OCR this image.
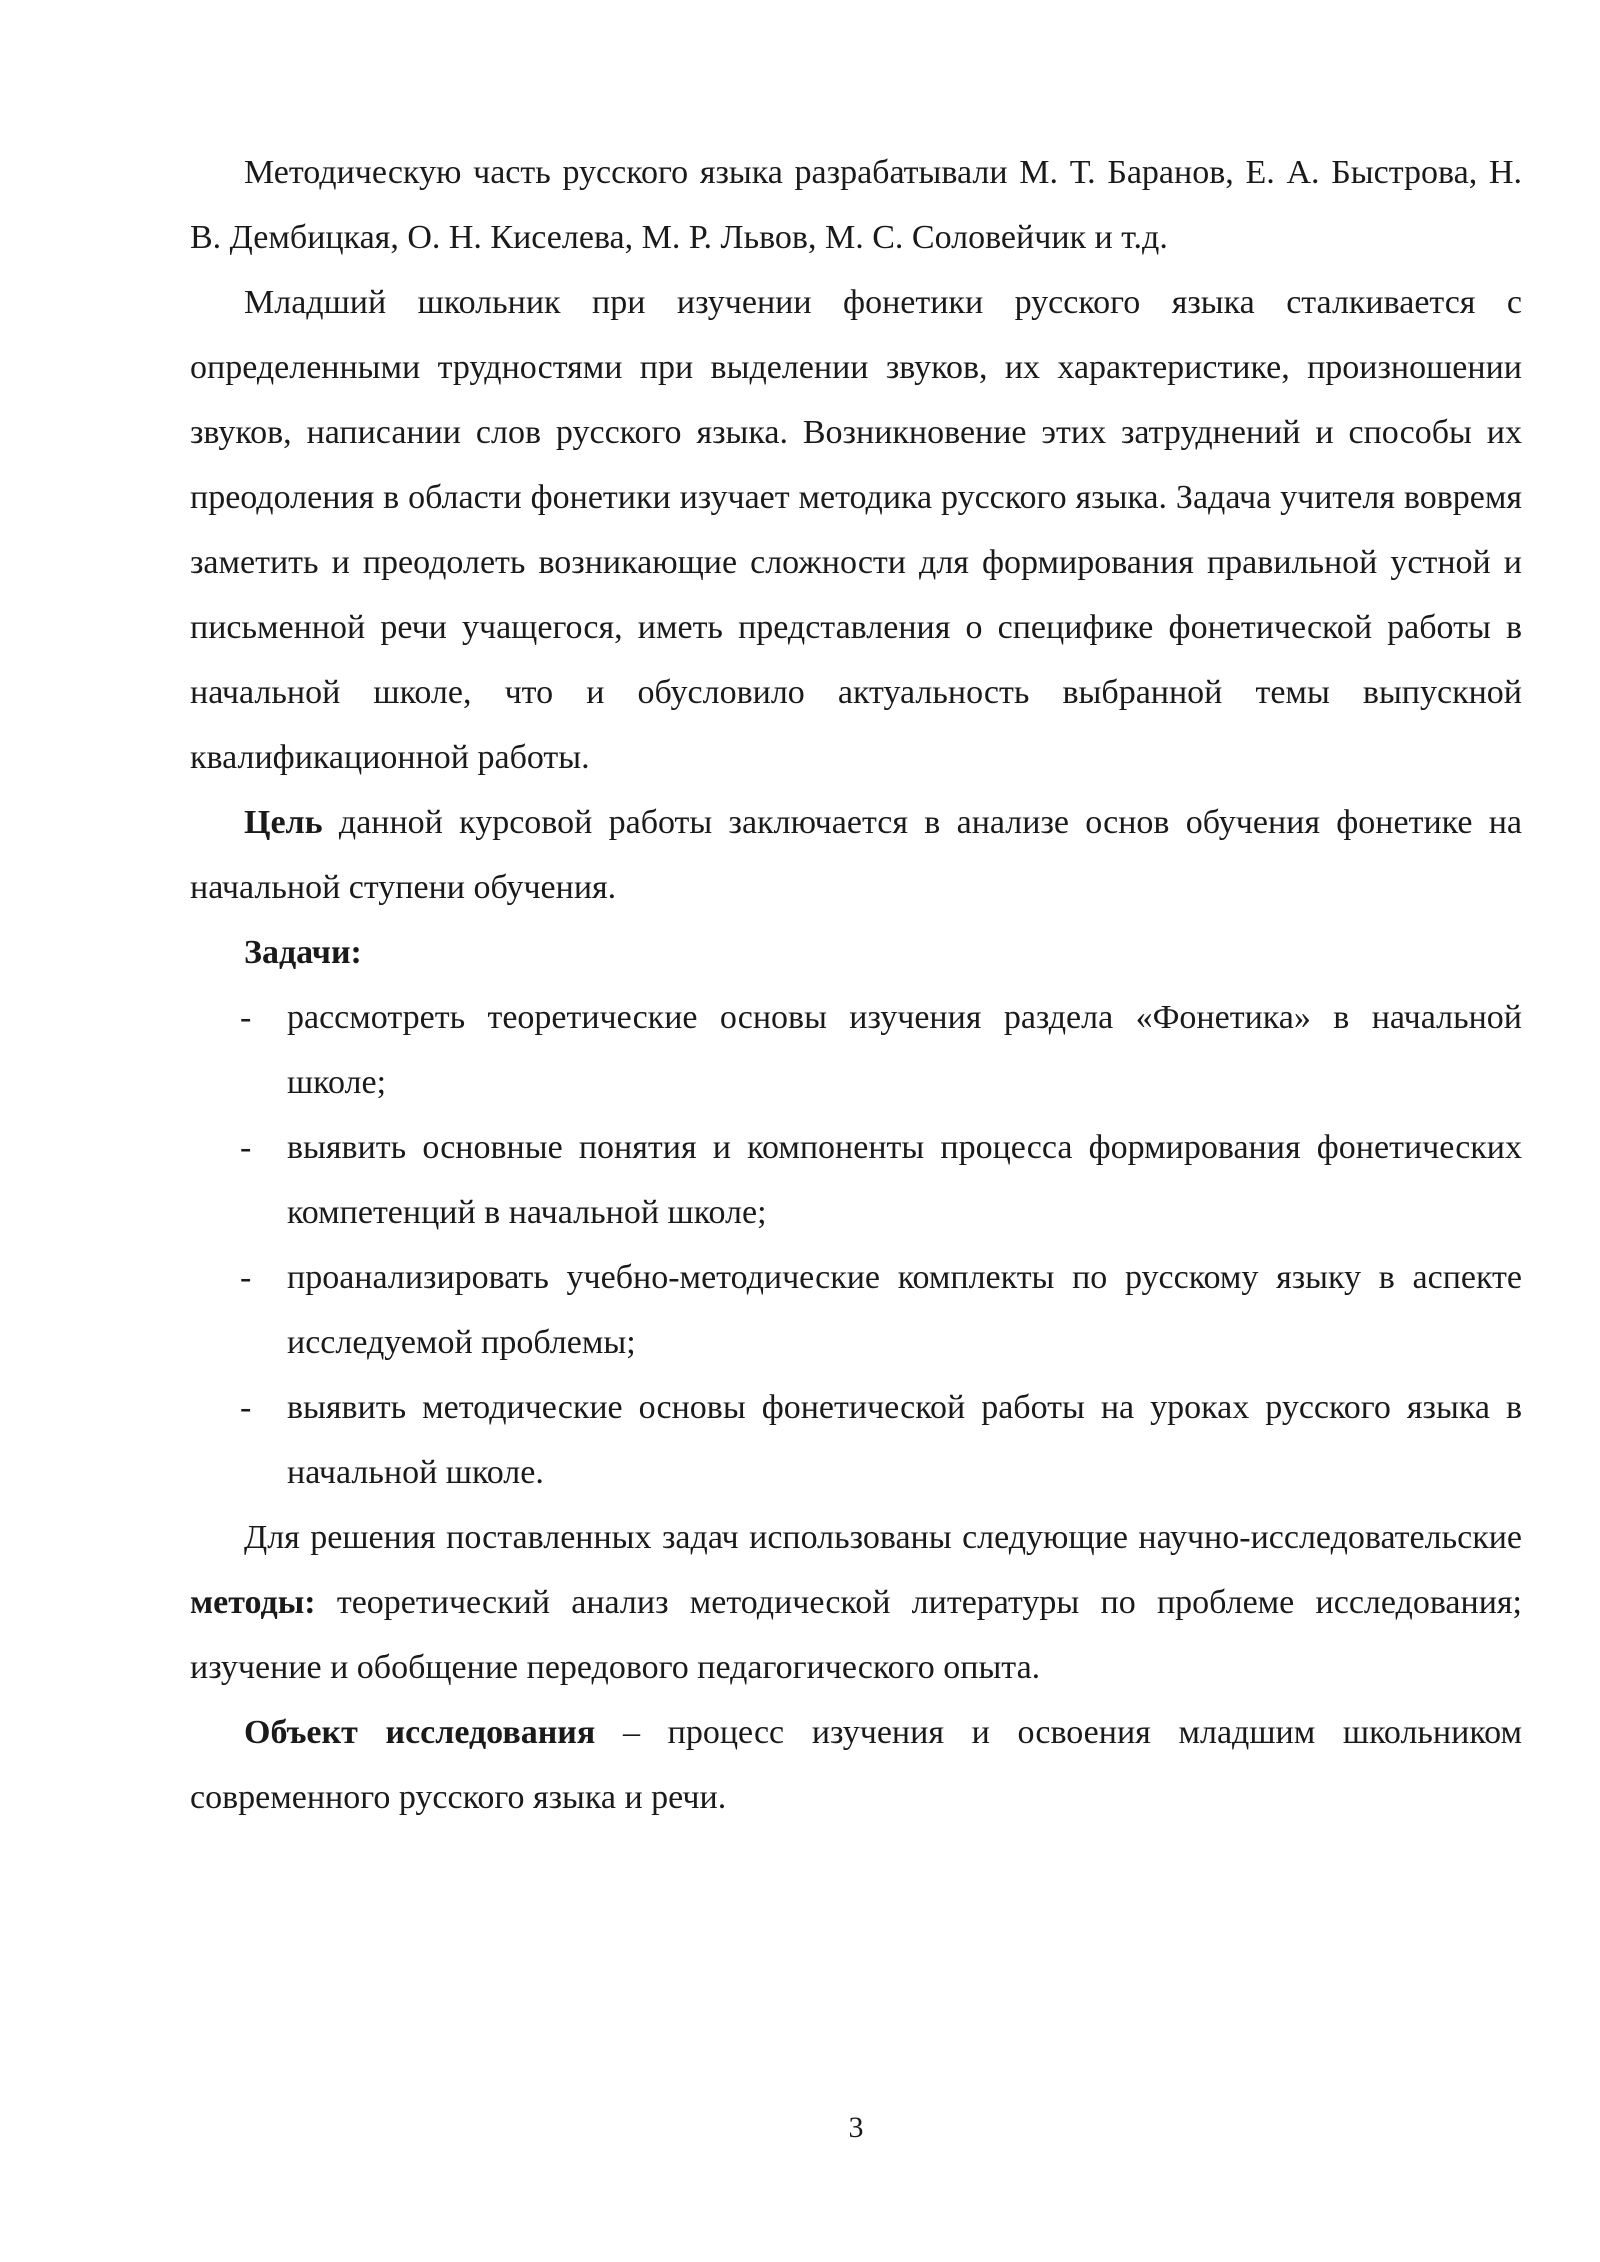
Методическую часть русского языка разрабатывали М. Т. Баранов, Е. А. Быстрова, Н. В. Дембицкая, О. Н. Киселева, М. Р. Львов, М. С. Соловейчик и т.д.

Младший школьник при изучении фонетики русского языка сталкивается с определенными трудностями при выделении звуков, их характеристике, произношении звуков, написании слов русского языка. Возникновение этих затруднений и способы их преодоления в области фонетики изучает методика русского языка. Задача учителя вовремя заметить и преодолеть возникающие сложности для формирования правильной устной и письменной речи учащегося, иметь представления о специфике фонетической работы в начальной школе, что и обусловило актуальность выбранной темы выпускной квалификационной работы.

Цель данной курсовой работы заключается в анализе основ обучения фонетике на начальной ступени обучения.

Задачи:

- рассмотреть теоретические основы изучения раздела «Фонетика» в начальной школе;
- выявить основные понятия и компоненты процесса формирования фонетических компетенций в начальной школе;
- проанализировать учебно-методические комплекты по русскому языку в аспекте исследуемой проблемы;
- выявить методические основы фонетической работы на уроках русского языка в начальной школе.

Для решения поставленных задач использованы следующие научно-исследовательские методы: теоретический анализ методической литературы по проблеме исследования; изучение и обобщение передового педагогического опыта.

Объект исследования – процесс изучения и освоения младшим школьником современного русского языка и речи.

3
